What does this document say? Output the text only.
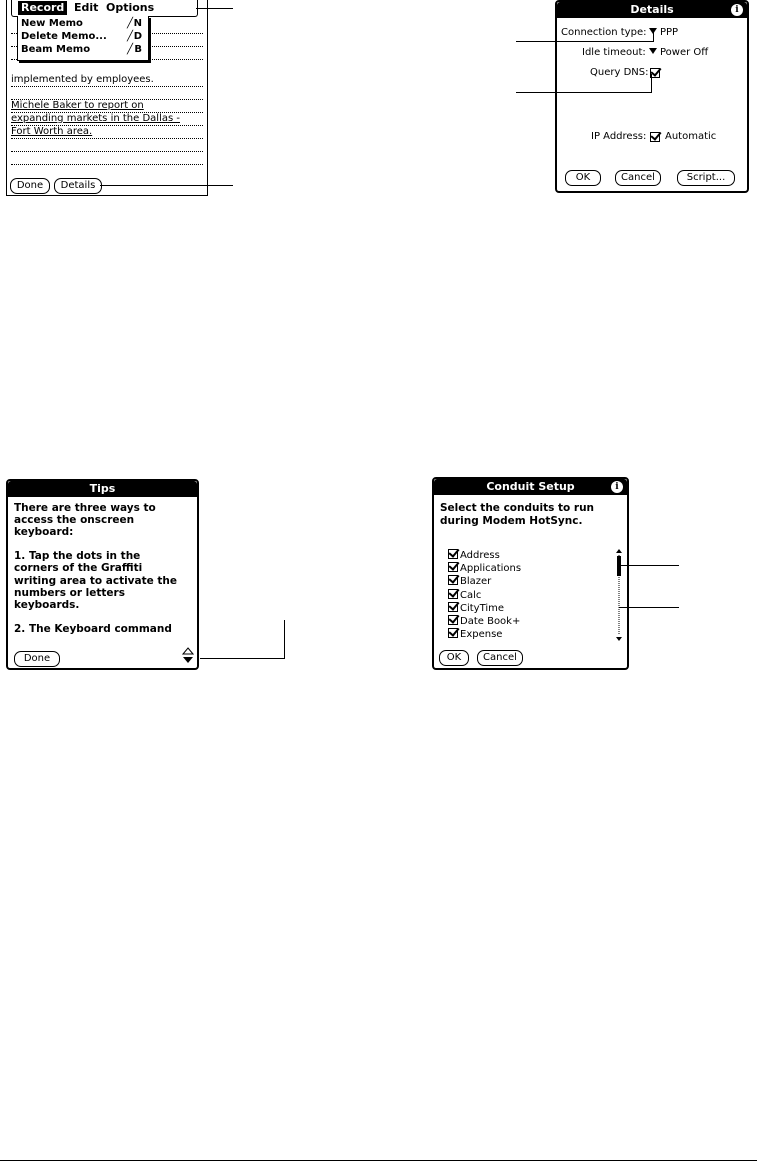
implemented by employees.
Michele Baker to report on
expanding markets in the Dallas -
Fort Worth area.
Record Edit Options
New Memo	╱ N
Delete Memo... ╱ D
Beam Memo	╱ B
Done	Details
Details	i
Connection type:	PPP
Idle timeout:	Power Off
Query DNS:
IP Address: Automatic
OK	Cancel	Script...
Tips
There are three ways to
access the onscreen
keyboard:
1. Tap the dots in the
corners of the Graffiti
writing area to activate the
numbers or letters
keyboards.
2. The Keyboard command
Done
Conduit Setup	i
Select the conduits to run
during Modem HotSync.
Address
Applications
Blazer
Calc
CityTime
Date Book+
Expense
OK	Cancel
